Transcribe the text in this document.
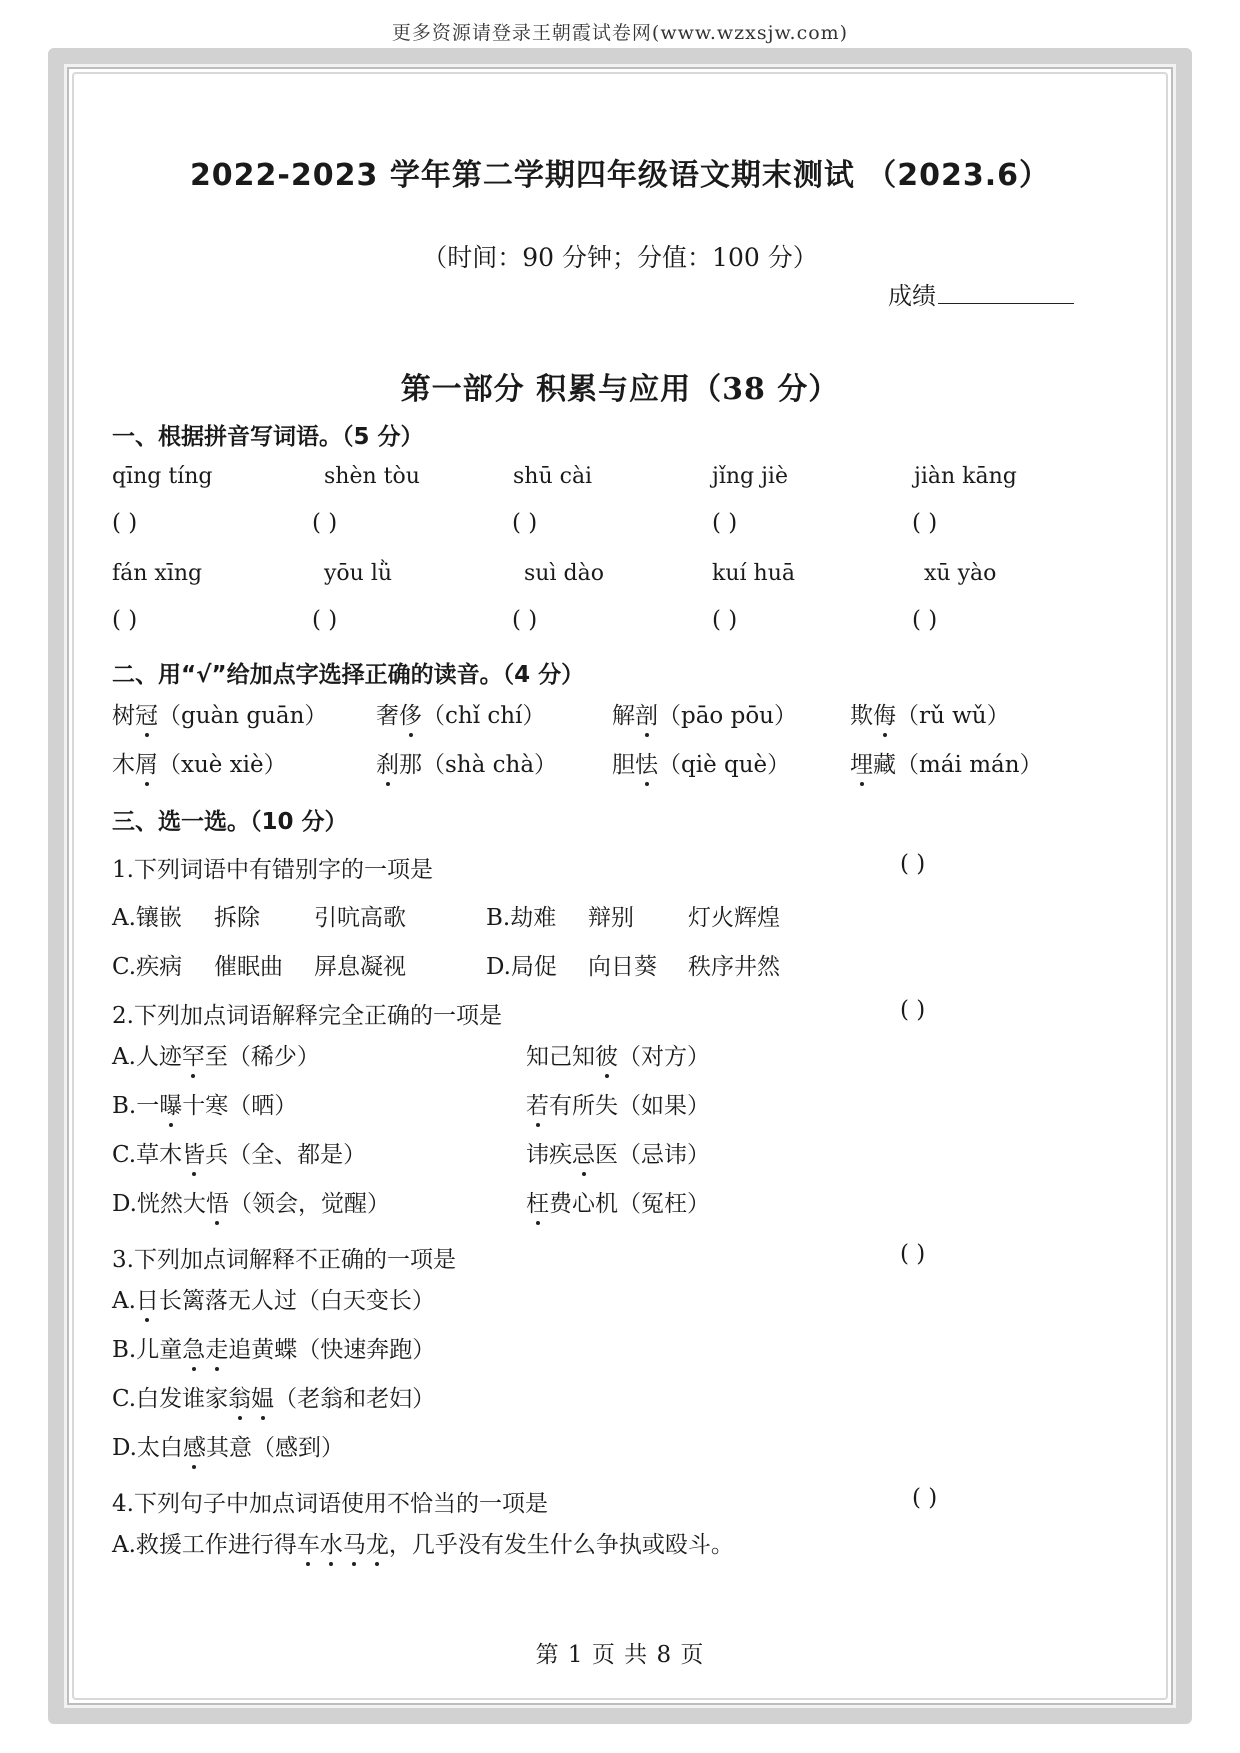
更多资源请登录王朝霞试卷网(www.wzxsjw.com)
2022-2023 学年第二学期四年级语文期末测试 （2023.6）
（时间：90 分钟；分值：100 分）
成绩
第一部分 积累与应用（38 分）
一、根据拼音写词语。（5 分）
qīng tíng	shèn tòu	shū cài	jǐng jiè	jiàn kāng
( )	( )	( )	( )	( )
fán xīng	yōu lǜ	suì dào	kuí huā	xū yào
( )	( )	( )	( )	( )
二、用“√”给加点字选择正确的读音。（4 分）
树冠（guàn guān） 奢侈（chǐ chí）	解剖（pāo pōu） 欺侮（rǔ wǔ）
木屑（xuè xiè）	刹那（shà chà） 胆怯（qiè què）	埋藏（mái mán）
三、选一选。（10 分）
1.下列词语中有错别字的一项是	( )
A.镶嵌 拆除 引吭高歌	B.劫难 辩别 灯火辉煌
C.疾病 催眠曲 屏息凝视	D.局促 向日葵 秩序井然
2.下列加点词语解释完全正确的一项是	( )
A.人迹罕至（稀少）	知己知彼（对方）
B.一曝十寒（晒）	若有所失（如果）
C.草木皆兵（全、都是）	讳疾忌医（忌讳）
D.恍然大悟（领会，觉醒）	枉费心机（冤枉）
3.下列加点词解释不正确的一项是	( )
A.日长篱落无人过（白天变长）
B.儿童急走追黄蝶（快速奔跑）
C.白发谁家翁媪（老翁和老妇）
D.太白感其意（感到）
4.下列句子中加点词语使用不恰当的一项是	( )
A.救援工作进行得车水马龙，几乎没有发生什么争执或殴斗。
第 1 页 共 8 页
